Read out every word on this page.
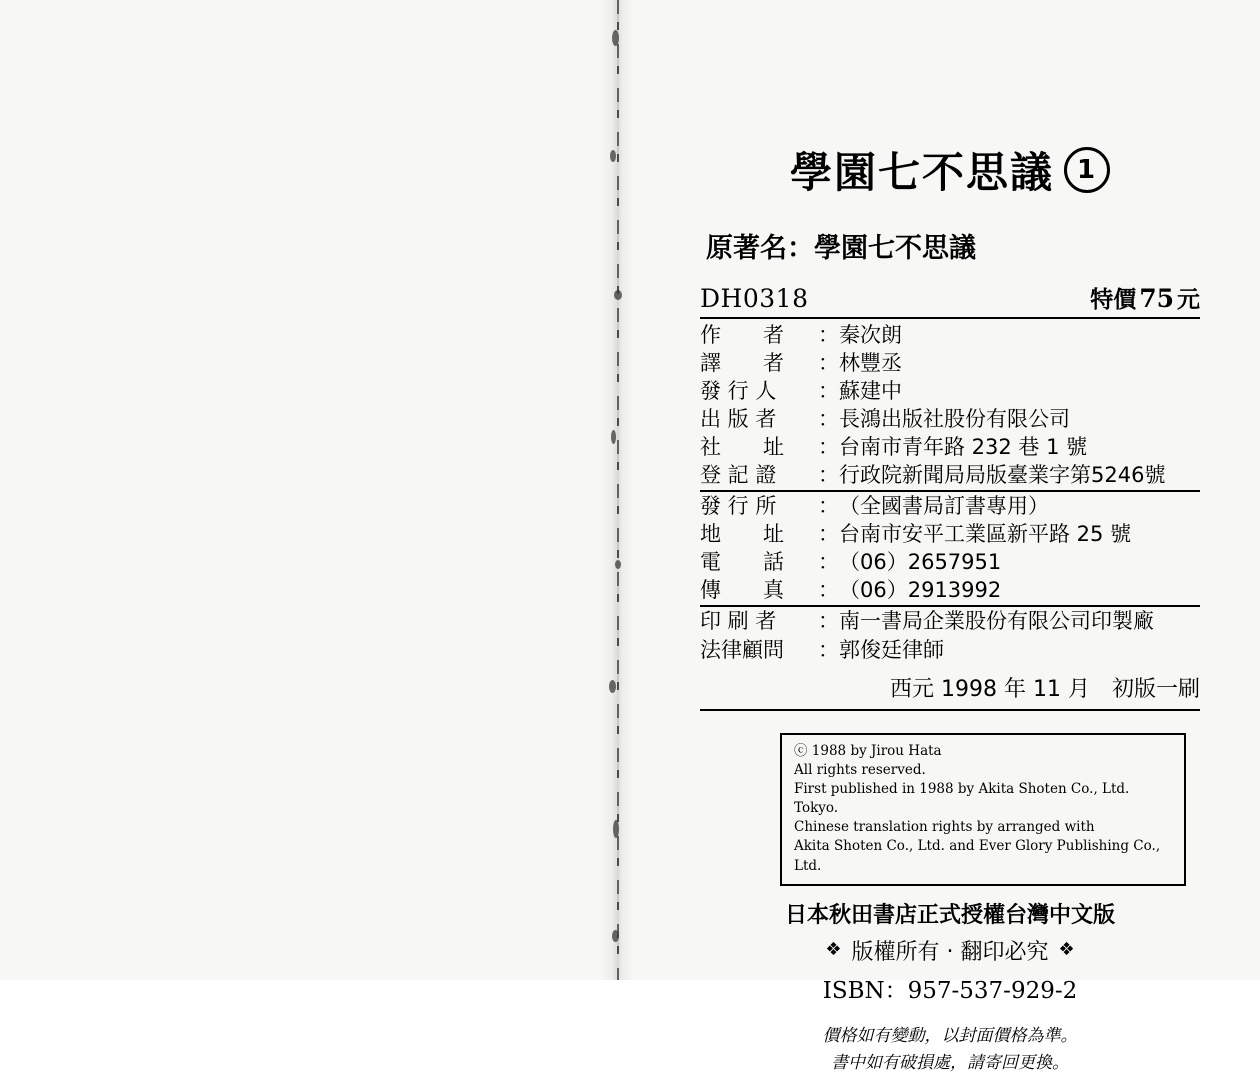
學園七不思議 1
原著名：學園七不思議
DH0318	特價 75 元
作　　者	：	秦次朗
譯　　者	：	林豐丞
發 行 人	：	蘇建中
出 版 者	：	長鴻出版社股份有限公司
社　　址	：	台南市青年路 232 巷 1 號
登 記 證	：	行政院新聞局局版臺業字第5246號
發 行 所	：	（全國書局訂書專用）
地　　址	：	台南市安平工業區新平路 25 號
電　　話	：	（06）2657951
傳　　真	：	（06）2913992
印 刷 者	：	南一書局企業股份有限公司印製廠
法律顧問	：	郭俊廷律師
西元 1998 年 11 月　初版一刷
ⓒ 1988 by Jirou Hata
All rights reserved.
First published in 1988 by Akita Shoten Co., Ltd. Tokyo.
Chinese translation rights by arranged with
Akita Shoten Co., Ltd. and Ever Glory Publishing Co., Ltd.
日本秋田書店正式授權台灣中文版
❖ 版權所有 ‧ 翻印必究 ❖
ISBN：957-537-929-2
價格如有變動，以封面價格為準。
書中如有破損處，請寄回更換。
